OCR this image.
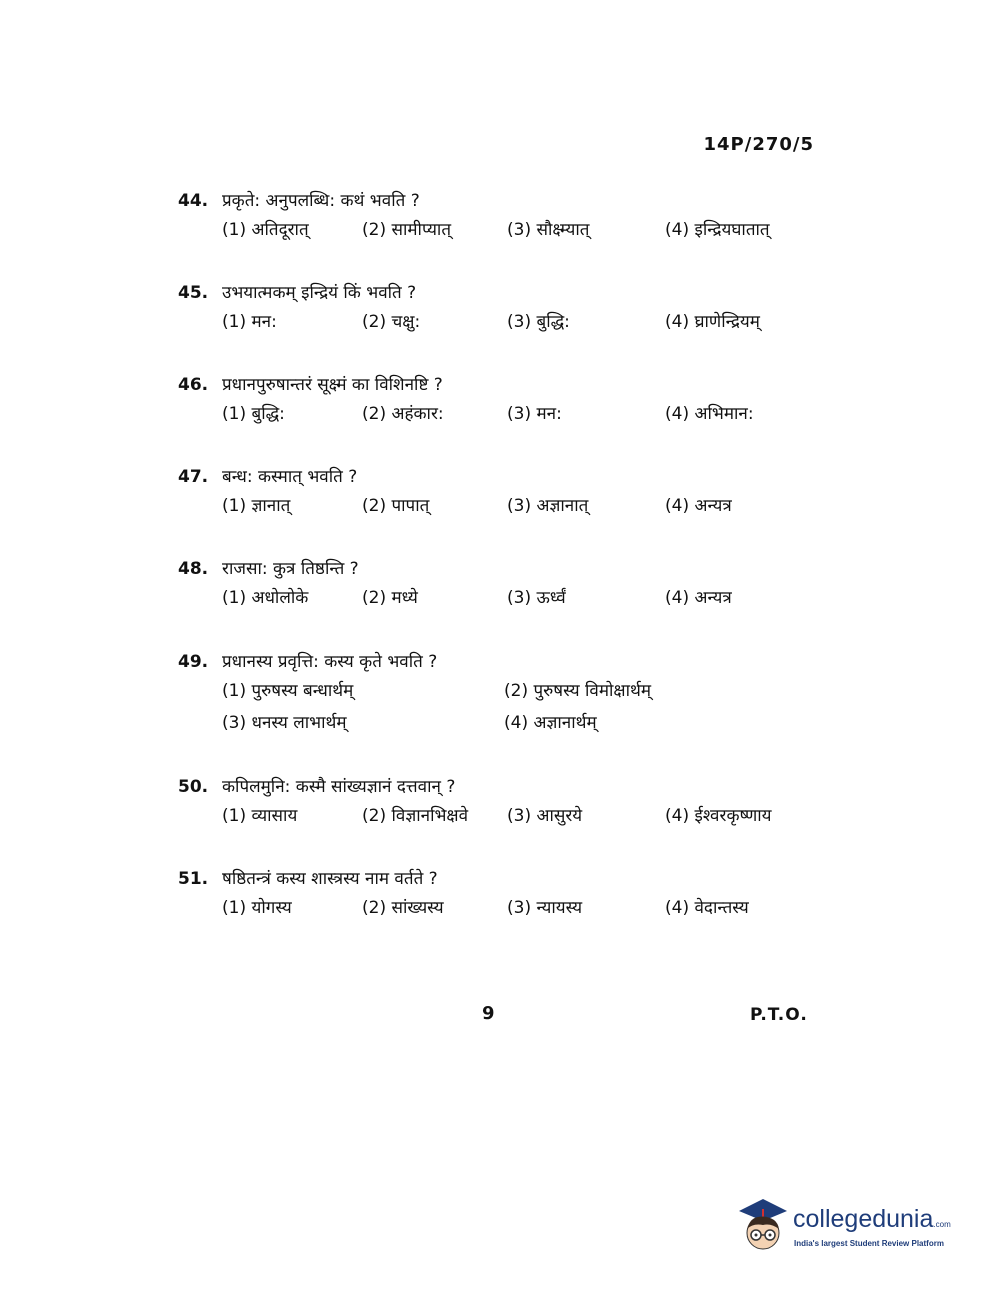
14P/270/5
44. प्रकृते: अनुपलब्धि: कथं भवति ?
(1) अतिदूरात्	(2) सामीप्यात्	(3) सौक्ष्म्यात्	(4) इन्द्रियघातात्
45. उभयात्मकम् इन्द्रियं किं भवति ?
(1) मन:	(2) चक्षु:	(3) बुद्धि:	(4) घ्राणेन्द्रियम्
46. प्रधानपुरुषान्तरं सूक्ष्मं का विशिनष्टि ?
(1) बुद्धि:	(2) अहंकार:	(3) मन:	(4) अभिमान:
47. बन्ध: कस्मात् भवति ?
(1) ज्ञानात्	(2) पापात्	(3) अज्ञानात्	(4) अन्यत्र
48. राजसा: कुत्र तिष्ठन्ति ?
(1) अधोलोके	(2) मध्ये	(3) ऊर्ध्वं	(4) अन्यत्र
49. प्रधानस्य प्रवृत्ति: कस्य कृते भवति ?
(1) पुरुषस्य बन्धार्थम्	(2) पुरुषस्य विमोक्षार्थम्
(3) धनस्य लाभार्थम्	(4) अज्ञानार्थम्
50. कपिलमुनि: कस्मै सांख्यज्ञानं दत्तवान् ?
(1) व्यासाय	(2) विज्ञानभिक्षवे (3) आसुरये	(4) ईश्वरकृष्णाय
51. षष्ठितन्त्रं कस्य शास्त्रस्य नाम वर्तते ?
(1) योगस्य	(2) सांख्यस्य	(3) न्यायस्य	(4) वेदान्तस्य
9	P.T.O.
collegedunia.com
India's largest Student Review Platform
